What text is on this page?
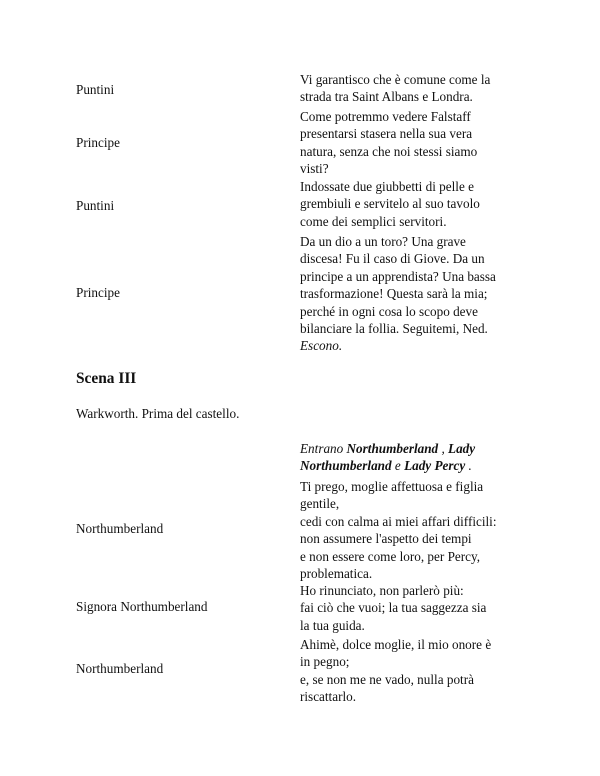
Puntini
Vi garantisco che è comune come la
strada tra Saint Albans e Londra.
Principe
Come potremmo vedere Falstaff
presentarsi stasera nella sua vera
natura, senza che noi stessi siamo
visti?
Puntini
Indossate due giubbetti di pelle e
grembiuli e servitelo al suo tavolo
come dei semplici servitori.
Principe
Da un dio a un toro? Una grave
discesa! Fu il caso di Giove. Da un
principe a un apprendista? Una bassa
trasformazione! Questa sarà la mia;
perché in ogni cosa lo scopo deve
bilanciare la follia. Seguitemi, Ned.
Escono.
Scena III
Warkworth. Prima del castello.
Entrano Northumberland , Lady
Northumberland e Lady Percy .
Northumberland
Ti prego, moglie affettuosa e figlia
gentile,
cedi con calma ai miei affari difficili:
non assumere l'aspetto dei tempi
e non essere come loro, per Percy,
problematica.
Signora Northumberland
Ho rinunciato, non parlerò più:
fai ciò che vuoi; la tua saggezza sia
la tua guida.
Northumberland
Ahimè, dolce moglie, il mio onore è
in pegno;
e, se non me ne vado, nulla potrà
riscattarlo.
